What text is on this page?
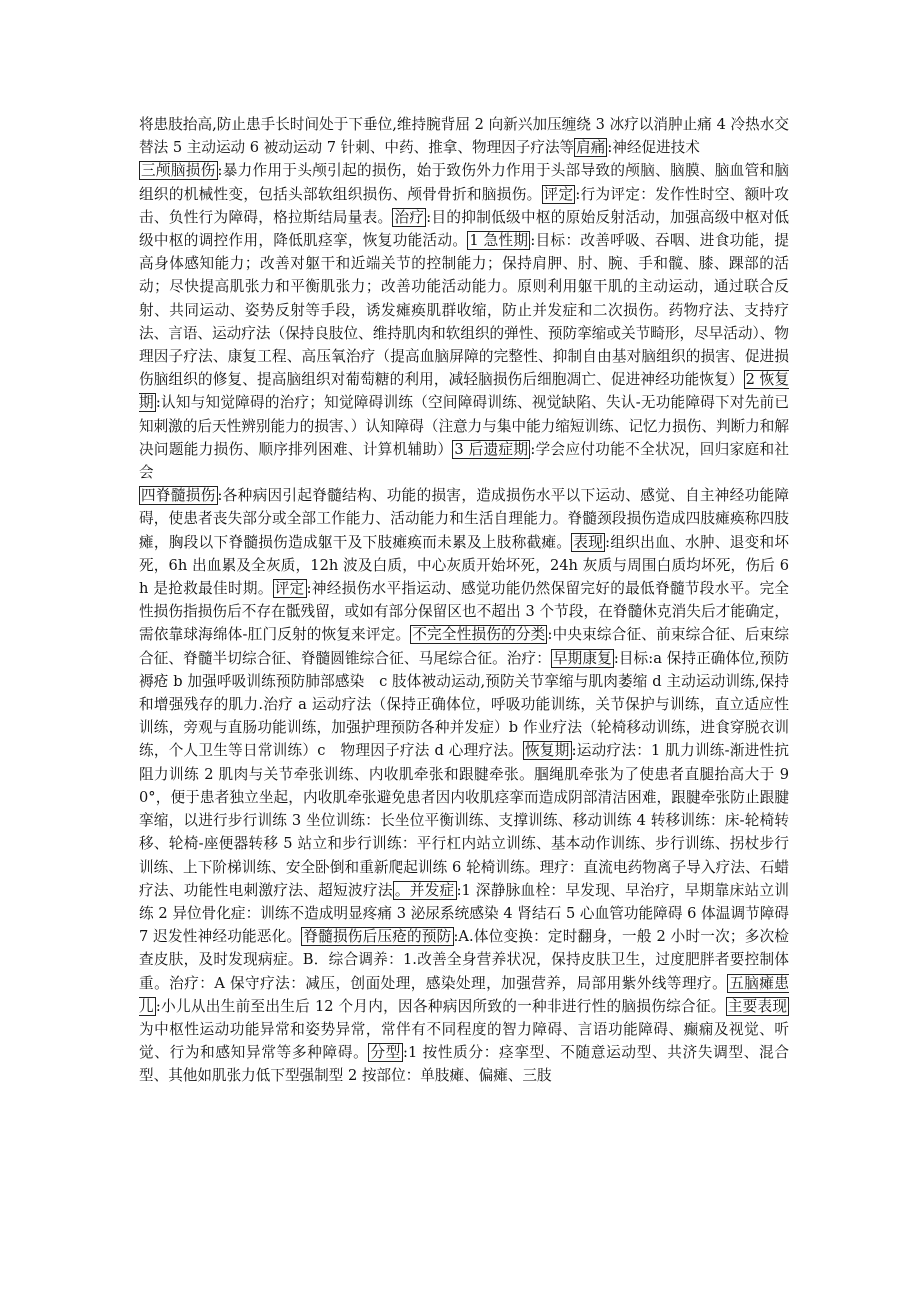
将患肢抬高,防止患手长时间处于下垂位,维持腕背屈 2 向新兴加压缠绕 3 冰疗以消肿止痛 4 冷热水交替法 5 主动运动 6 被动运动 7 针刺、中药、推拿、物理因子疗法等 肩痛 :神经促进技术

三颅脑损伤 :暴力作用于头颅引起的损伤，始于致伤外力作用于头部导致的颅脑、脑膜、脑血管和脑组织的机械性变，包括头部软组织损伤、颅骨骨折和脑损伤。 评定 :行为评定：发作性时空、额叶攻击、负性行为障碍，格拉斯结局量表。 治疗 :目的抑制低级中枢的原始反射活动，加强高级中枢对低级中枢的调控作用，降低肌痉挛，恢复功能活动。 1 急性期 :目标：改善呼吸、吞咽、进食功能，提高身体感知能力；改善对躯干和近端关节的控制能力；保持肩胛、肘、腕、手和髋、膝、踝部的活动；尽快提高肌张力和平衡肌张力；改善功能活动能力。原则利用躯干肌的主动运动，通过联合反射、共同运动、姿势反射等手段，诱发瘫痪肌群收缩，防止并发症和二次损伤。药物疗法、支持疗法、言语、运动疗法（保持良肢位、维持肌肉和软组织的弹性、预防挛缩或关节畸形，尽早活动）、物理因子疗法、康复工程、高压氧治疗（提高血脑屏障的完整性、抑制自由基对脑组织的损害、促进损伤脑组织的修复、提高脑组织对葡萄糖的利用，减轻脑损伤后细胞凋亡、促进神经功能恢复） 2 恢复期 :认知与知觉障碍的治疗；知觉障碍训练（空间障碍训练、视觉缺陷、失认-无功能障碍下对先前已知刺激的后天性辨别能力的损害、）认知障碍（注意力与集中能力缩短训练、记忆力损伤、判断力和解决问题能力损伤、顺序排列困难、计算机辅助） 3 后遗症期 :学会应付功能不全状况，回归家庭和社会

四脊髓损伤 :各种病因引起脊髓结构、功能的损害，造成损伤水平以下运动、感觉、自主神经功能障碍，使患者丧失部分或全部工作能力、活动能力和生活自理能力。脊髓颈段损伤造成四肢瘫痪称四肢瘫，胸段以下脊髓损伤造成躯干及下肢瘫痪而未累及上肢称截瘫。 表现 :组织出血、水肿、退变和坏死，6h 出血累及全灰质，12h 波及白质，中心灰质开始坏死，24h 灰质与周围白质均坏死，伤后 6h 是抢救最佳时期。 评定 :神经损伤水平指运动、感觉功能仍然保留完好的最低脊髓节段水平。完全性损伤指损伤后不存在骶残留，或如有部分保留区也不超出 3 个节段，在脊髓休克消失后才能确定，需依靠球海绵体-肛门反射的恢复来评定。 不完全性损伤的分类 :中央束综合征、前束综合征、后束综合征、脊髓半切综合征、脊髓圆锥综合征、马尾综合征。治疗： 早期康复 :目标:a 保持正确体位,预防褥疮 b 加强呼吸训练预防肺部感染　c 肢体被动运动,预防关节挛缩与肌肉萎缩 d 主动运动训练,保持和增强残存的肌力.治疗 a 运动疗法（保持正确体位，呼吸功能训练，关节保护与训练，直立适应性训练，旁观与直肠功能训练，加强护理预防各种并发症）b 作业疗法（轮椅移动训练，进食穿脱衣训练，个人卫生等日常训练）c　物理因子疗法 d 心理疗法。 恢复期 :运动疗法：1 肌力训练-渐进性抗阻力训练 2 肌肉与关节牵张训练、内收肌牵张和跟腱牵张。腘绳肌牵张为了使患者直腿抬高大于 90°，便于患者独立坐起，内收肌牵张避免患者因内收肌痉挛而造成阴部清洁困难，跟腱牵张防止跟腱挛缩，以进行步行训练 3 坐位训练：长坐位平衡训练、支撑训练、移动训练 4 转移训练：床-轮椅转移、轮椅-座便器转移 5 站立和步行训练：平行杠内站立训练、基本动作训练、步行训练、拐杖步行训练、上下阶梯训练、安全卧倒和重新爬起训练 6 轮椅训练。理疗：直流电药物离子导入疗法、石蜡疗法、功能性电刺激疗法、超短波疗法 。并发症 :1 深静脉血栓：早发现、早治疗，早期靠床站立训练 2 异位骨化症：训练不造成明显疼痛 3 泌尿系统感染 4 肾结石 5 心血管功能障碍 6 体温调节障碍 7 迟发性神经功能恶化。 脊髓损伤后压疮的预防 :A.体位变换：定时翻身，一般 2 小时一次；多次检查皮肤，及时发现病症。B．综合调养：1.改善全身营养状况，保持皮肤卫生，过度肥胖者要控制体重。治疗：A 保守疗法：减压，创面处理，感染处理，加强营养，局部用紫外线等理疗。 五脑瘫患儿 :小儿从出生前至出生后 12 个月内，因各种病因所致的一种非进行性的脑损伤综合征。 主要表现为中枢性运动功能异常和姿势异常，常伴有不同程度的智力障碍、言语功能障碍、癫痫及视觉、听觉、行为和感知异常等多种障碍。 分型 :1 按性质分：痉挛型、不随意运动型、共济失调型、混合型、其他如肌张力低下型强制型 2 按部位：单肢瘫、偏瘫、三肢
